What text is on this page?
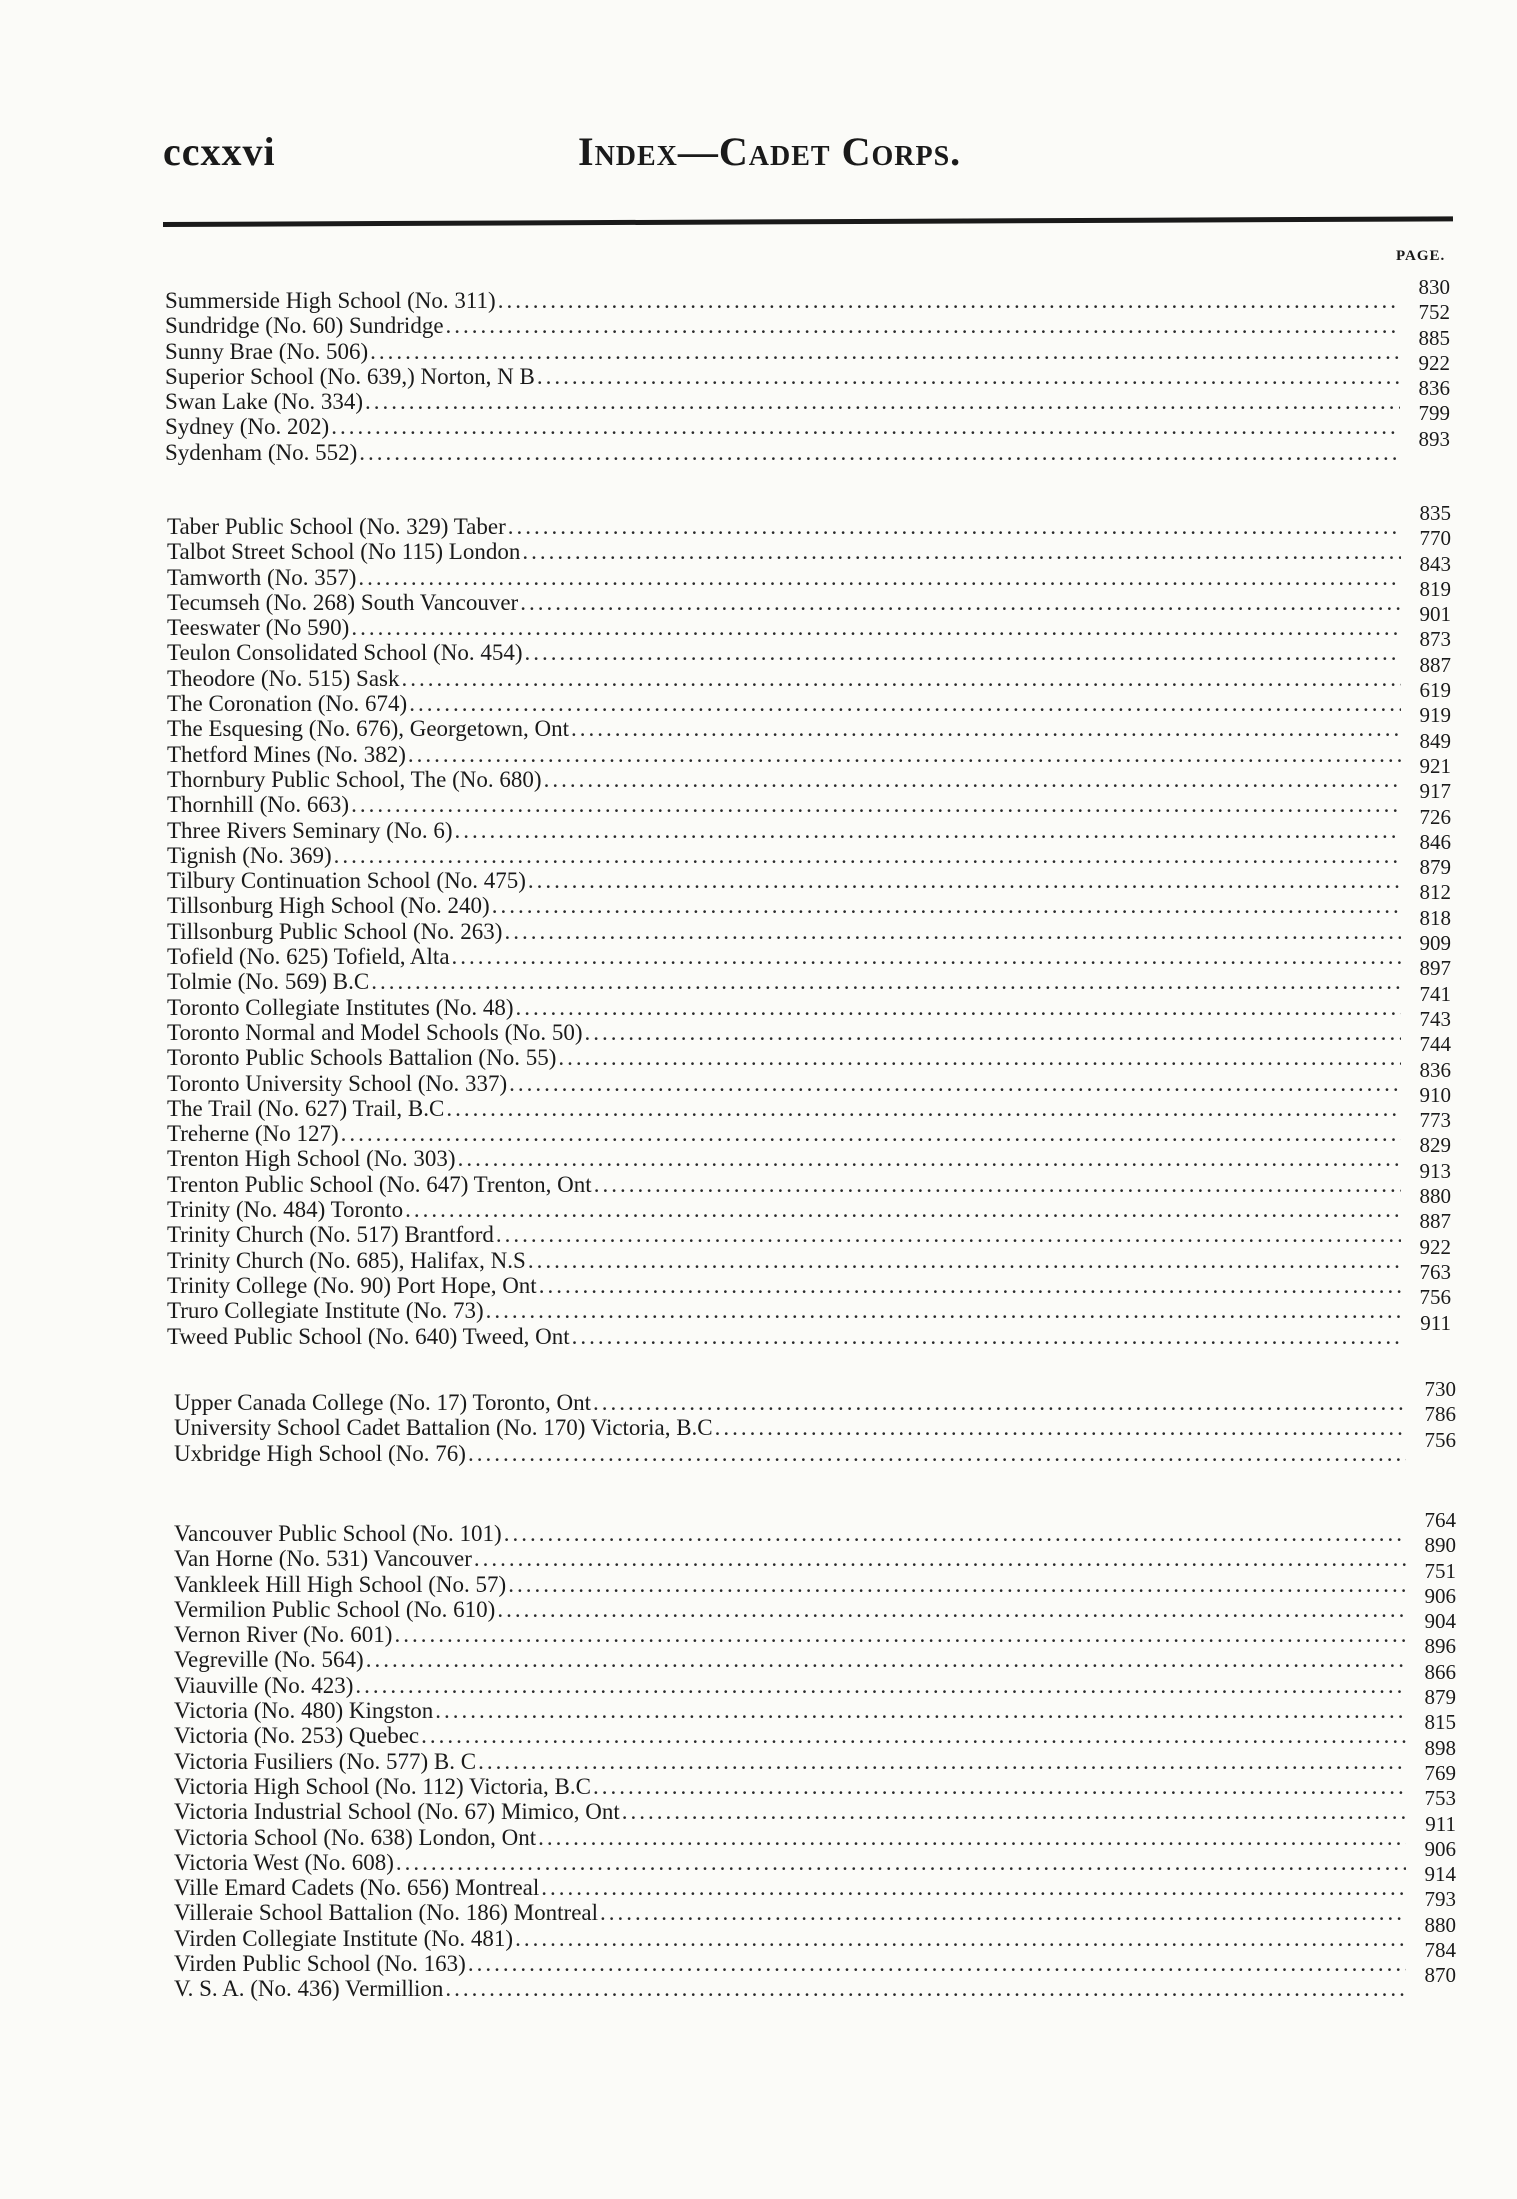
ccxxvi	Index—Cadet Corps.
PAGE.
Summerside High School (No. 311)
.....
830
Sundridge (No. 60) Sundridge
.....
752
Sunny Brae (No. 506)
.....
885
Superior School (No. 639,) Norton, N B
.....
922
Swan Lake (No. 334)
.....
836
Sydney (No. 202)
.....
799
Sydenham (No. 552)
.....
893
Taber Public School (No. 329) Taber
.....
835
Talbot Street School (No 115) London
.....
770
Tamworth (No. 357)
.....
843
Tecumseh (No. 268) South Vancouver
.....
819
Teeswater (No 590)
.....
901
Teulon Consolidated School (No. 454)
.....
873
Theodore (No. 515) Sask
.....
887
The Coronation (No. 674)
.....
619
The Esquesing (No. 676), Georgetown, Ont
.....
919
Thetford Mines (No. 382)
.....
849
Thornbury Public School, The (No. 680)
.....
921
Thornhill (No. 663)
.....
917
Three Rivers Seminary (No. 6)
.....
726
Tignish (No. 369)
.....
846
Tilbury Continuation School (No. 475)
.....
879
Tillsonburg High School (No. 240)
.....
812
Tillsonburg Public School (No. 263)
.....
818
Tofield (No. 625) Tofield, Alta
.....
909
Tolmie (No. 569) B.C
.....
897
Toronto Collegiate Institutes (No. 48)
.....
741
Toronto Normal and Model Schools (No. 50)
.....
743
Toronto Public Schools Battalion (No. 55)
.....
744
Toronto University School (No. 337)
.....
836
The Trail (No. 627) Trail, B.C
.....
910
Treherne (No 127)
.....
773
Trenton High School (No. 303)
.....
829
Trenton Public School (No. 647) Trenton, Ont
.....
913
Trinity (No. 484) Toronto
.....
880
Trinity Church (No. 517) Brantford
.....
887
Trinity Church (No. 685), Halifax, N.S
.....
922
Trinity College (No. 90) Port Hope, Ont
.....
763
Truro Collegiate Institute (No. 73)
.....
756
Tweed Public School (No. 640) Tweed, Ont
.....
911
Upper Canada College (No. 17) Toronto, Ont
.....
730
University School Cadet Battalion (No. 170) Victoria, B.C
.....
786
Uxbridge High School (No. 76)
.....
756
Vancouver Public School (No. 101)
.....
764
Van Horne (No. 531) Vancouver
.....
890
Vankleek Hill High School (No. 57)
.....
751
Vermilion Public School (No. 610)
.....
906
Vernon River (No. 601)
.....
904
Vegreville (No. 564)
.....
896
Viauville (No. 423)
.....
866
Victoria (No. 480) Kingston
.....
879
Victoria (No. 253) Quebec
.....
815
Victoria Fusiliers (No. 577) B. C
.....
898
Victoria High School (No. 112) Victoria, B.C
.....
769
Victoria Industrial School (No. 67) Mimico, Ont
.....
753
Victoria School (No. 638) London, Ont
.....
911
Victoria West (No. 608)
.....
906
Ville Emard Cadets (No. 656) Montreal
.....
914
Villeraie School Battalion (No. 186) Montreal
.....
793
Virden Collegiate Institute (No. 481)
.....
880
Virden Public School (No. 163)
.....
784
V. S. A. (No. 436) Vermillion
.....
870
